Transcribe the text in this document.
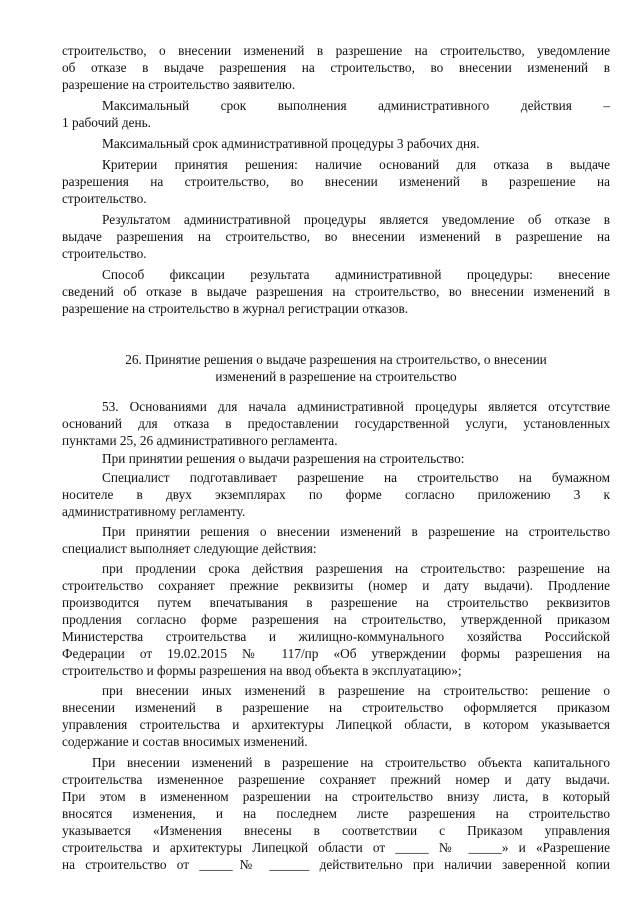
строительство, о внесении изменений в разрешение на строительство, уведомление
об отказе в выдаче разрешения на строительство, во внесении изменений в
разрешение на строительство заявителю.
Максимальный срок выполнения административного действия –
1 рабочий день.
Максимальный срок административной процедуры 3 рабочих дня.
Критерии принятия решения: наличие оснований для отказа в выдаче
разрешения на строительство, во внесении изменений в разрешение на
строительство.
Результатом административной процедуры является уведомление об отказе в
выдаче разрешения на строительство, во внесении изменений в разрешение на
строительство.
Способ фиксации результата административной процедуры: внесение
сведений об отказе в выдаче разрешения на строительство, во внесении изменений в
разрешение на строительство в журнал регистрации отказов.
26. Принятие решения о выдаче разрешения на строительство, о внесении
изменений в разрешение на строительство
53. Основаниями для начала административной процедуры является отсутствие
оснований для отказа в предоставлении государственной услуги, установленных
пунктами 25, 26 административного регламента.
При принятии решения о выдачи разрешения на строительство:
Специалист подготавливает разрешение на строительство на бумажном
носителе в двух экземплярах по форме согласно приложению 3 к
административному регламенту.
При принятии решения о внесении изменений в разрешение на строительство
специалист выполняет следующие действия:
при продлении срока действия разрешения на строительство: разрешение на
строительство сохраняет прежние реквизиты (номер и дату выдачи). Продление
производится путем впечатывания в разрешение на строительство реквизитов
продления согласно форме разрешения на строительство, утвержденной приказом
Министерства строительства и жилищно-коммунального хозяйства Российской
Федерации от 19.02.2015 № 117/пр «Об утверждении формы разрешения на
строительство и формы разрешения на ввод объекта в эксплуатацию»;
при внесении иных изменений в разрешение на строительство: решение о
внесении изменений в разрешение на строительство оформляется приказом
управления строительства и архитектуры Липецкой области, в котором указывается
содержание и состав вносимых изменений.
При внесении изменений в разрешение на строительство объекта капитального
строительства измененное разрешение сохраняет прежний номер и дату выдачи.
При этом в измененном разрешении на строительство внизу листа, в который
вносятся изменения, и на последнем листе разрешения на строительство
указывается «Изменения внесены в соответствии с Приказом управления
строительства и архитектуры Липецкой области от _____ № _____» и «Разрешение
на строительство от _____№ ______ действительно при наличии заверенной копии
